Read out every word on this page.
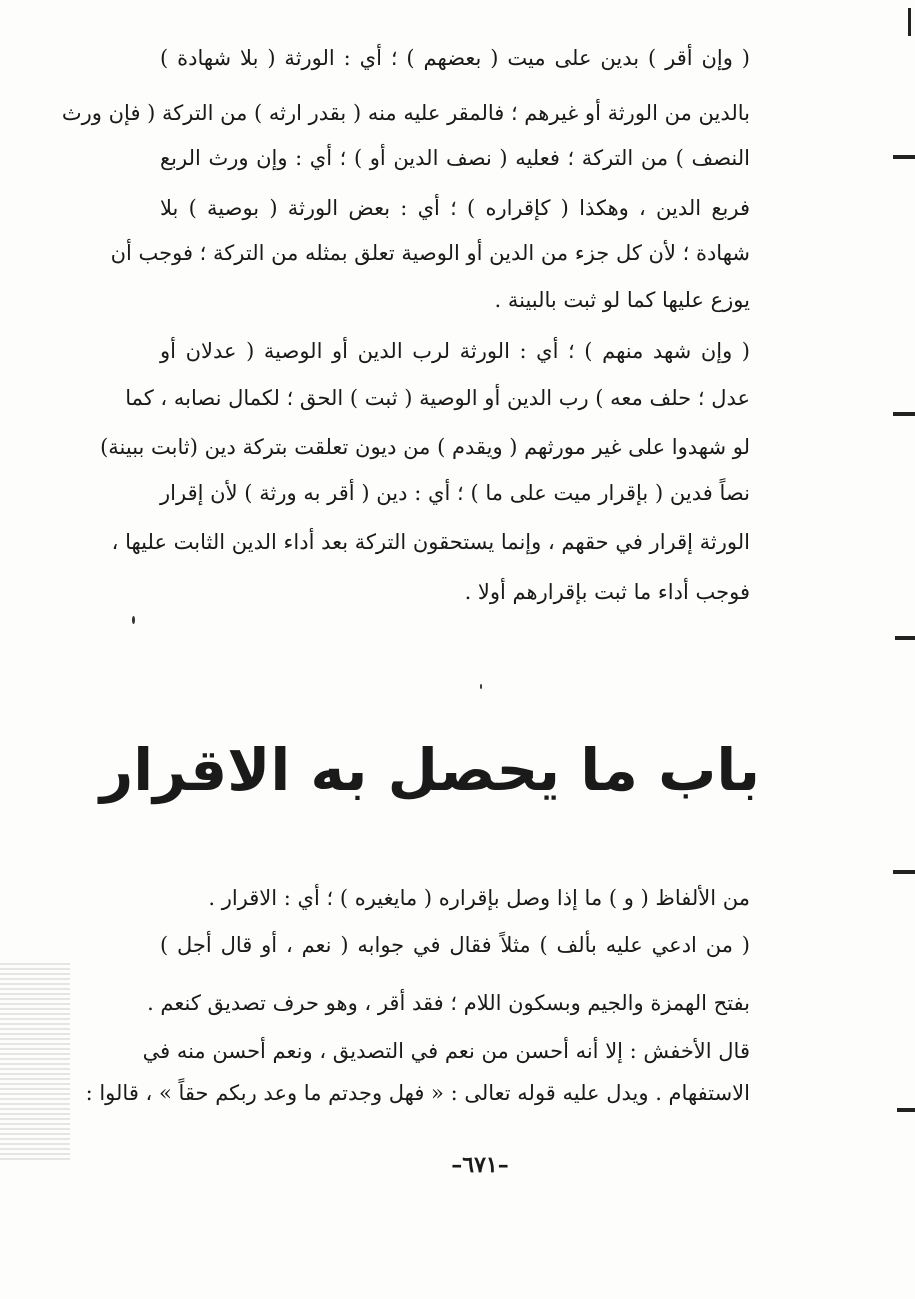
( وإن أقر ) بدين على ميت ( بعضهم ) ؛ أي : الورثة ( بلا شهادة )
بالدين من الورثة أو غيرهم ؛ فالمقر عليه منه ( بقدر ارثه ) من التركة ( فإن ورث
النصف ) من التركة ؛ فعليه ( نصف الدين أو ) ؛ أي : وإن ورث الربع
فربع الدين ، وهكذا ( كإقراره ) ؛ أي : بعض الورثة ( بوصية ) بلا
شهادة ؛ لأن كل جزء من الدين أو الوصية تعلق بمثله من التركة ؛ فوجب أن
يوزع عليها كما لو ثبت بالبينة .
( وإن شهد منهم ) ؛ أي : الورثة لرب الدين أو الوصية ( عدلان أو
عدل ؛ حلف معه ) رب الدين أو الوصية ( ثبت ) الحق ؛ لكمال نصابه ، كما
لو شهدوا على غير مورثهم ( ويقدم ) من ديون تعلقت بتركة دين (ثابت ببينة)
نصاً فدين ( بإقرار ميت على ما ) ؛ أي : دين ( أقر به ورثة ) لأن إقرار
الورثة إقرار في حقهم ، وإنما يستحقون التركة بعد أداء الدين الثابت عليها ،
فوجب أداء ما ثبت بإقرارهم أولا .
باب ما يحصل به الاقرار
من الألفاظ ( و ) ما إذا وصل بإقراره ( مايغيره ) ؛ أي : الاقرار .
( من ادعي عليه بألف ) مثلاً فقال في جوابه ( نعم ، أو قال أجل )
بفتح الهمزة والجيم وبسكون اللام ؛ فقد أقر ، وهو حرف تصديق كنعم .
قال الأخفش : إلا أنه أحسن من نعم في التصديق ، ونعم أحسن منه في
الاستفهام . ويدل عليه قوله تعالى : « فهل وجدتم ما وعد ربكم حقاً » ، قالوا :
–٦٧١–
